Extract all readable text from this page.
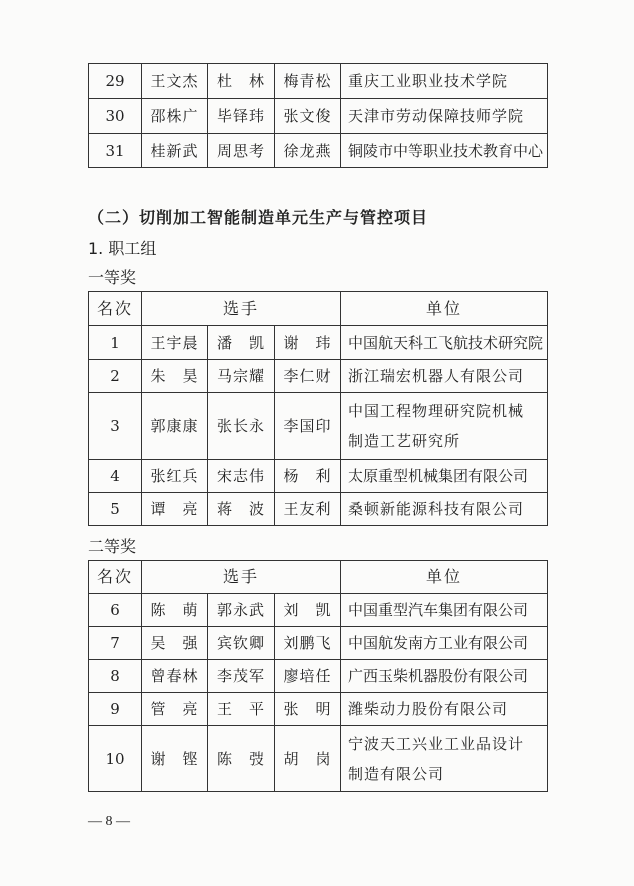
29	王文杰	杜　林	梅青松	重庆工业职业技术学院
30	邵株广	毕铎玮	张文俊	天津市劳动保障技师学院
31	桂新武	周思考	徐龙燕	铜陵市中等职业技术教育中心
（二）切削加工智能制造单元生产与管控项目
1. 职工组
一等奖
名次	选手			单位
1	王宇晨	潘　凯	谢　玮	中国航天科工飞航技术研究院
2	朱　昊	马宗耀	李仁财	浙江瑞宏机器人有限公司
3	郭康康	张长永	李国印	中国工程物理研究院机械
制造工艺研究所

4	张红兵	宋志伟	杨　利	太原重型机械集团有限公司
5	谭　亮	蒋　波	王友利	桑顿新能源科技有限公司
二等奖
名次	选手			单位
6	陈　萌	郭永武	刘　凯	中国重型汽车集团有限公司
7	吴　强	宾钦卿	刘鹏飞	中国航发南方工业有限公司
8	曾春林	李茂军	廖培任	广西玉柴机器股份有限公司
9	管　亮	王　平	张　明	潍柴动力股份有限公司
10	谢　铿	陈　弢	胡　岗	宁波天工兴业工业品设计
制造有限公司
— 8 —
